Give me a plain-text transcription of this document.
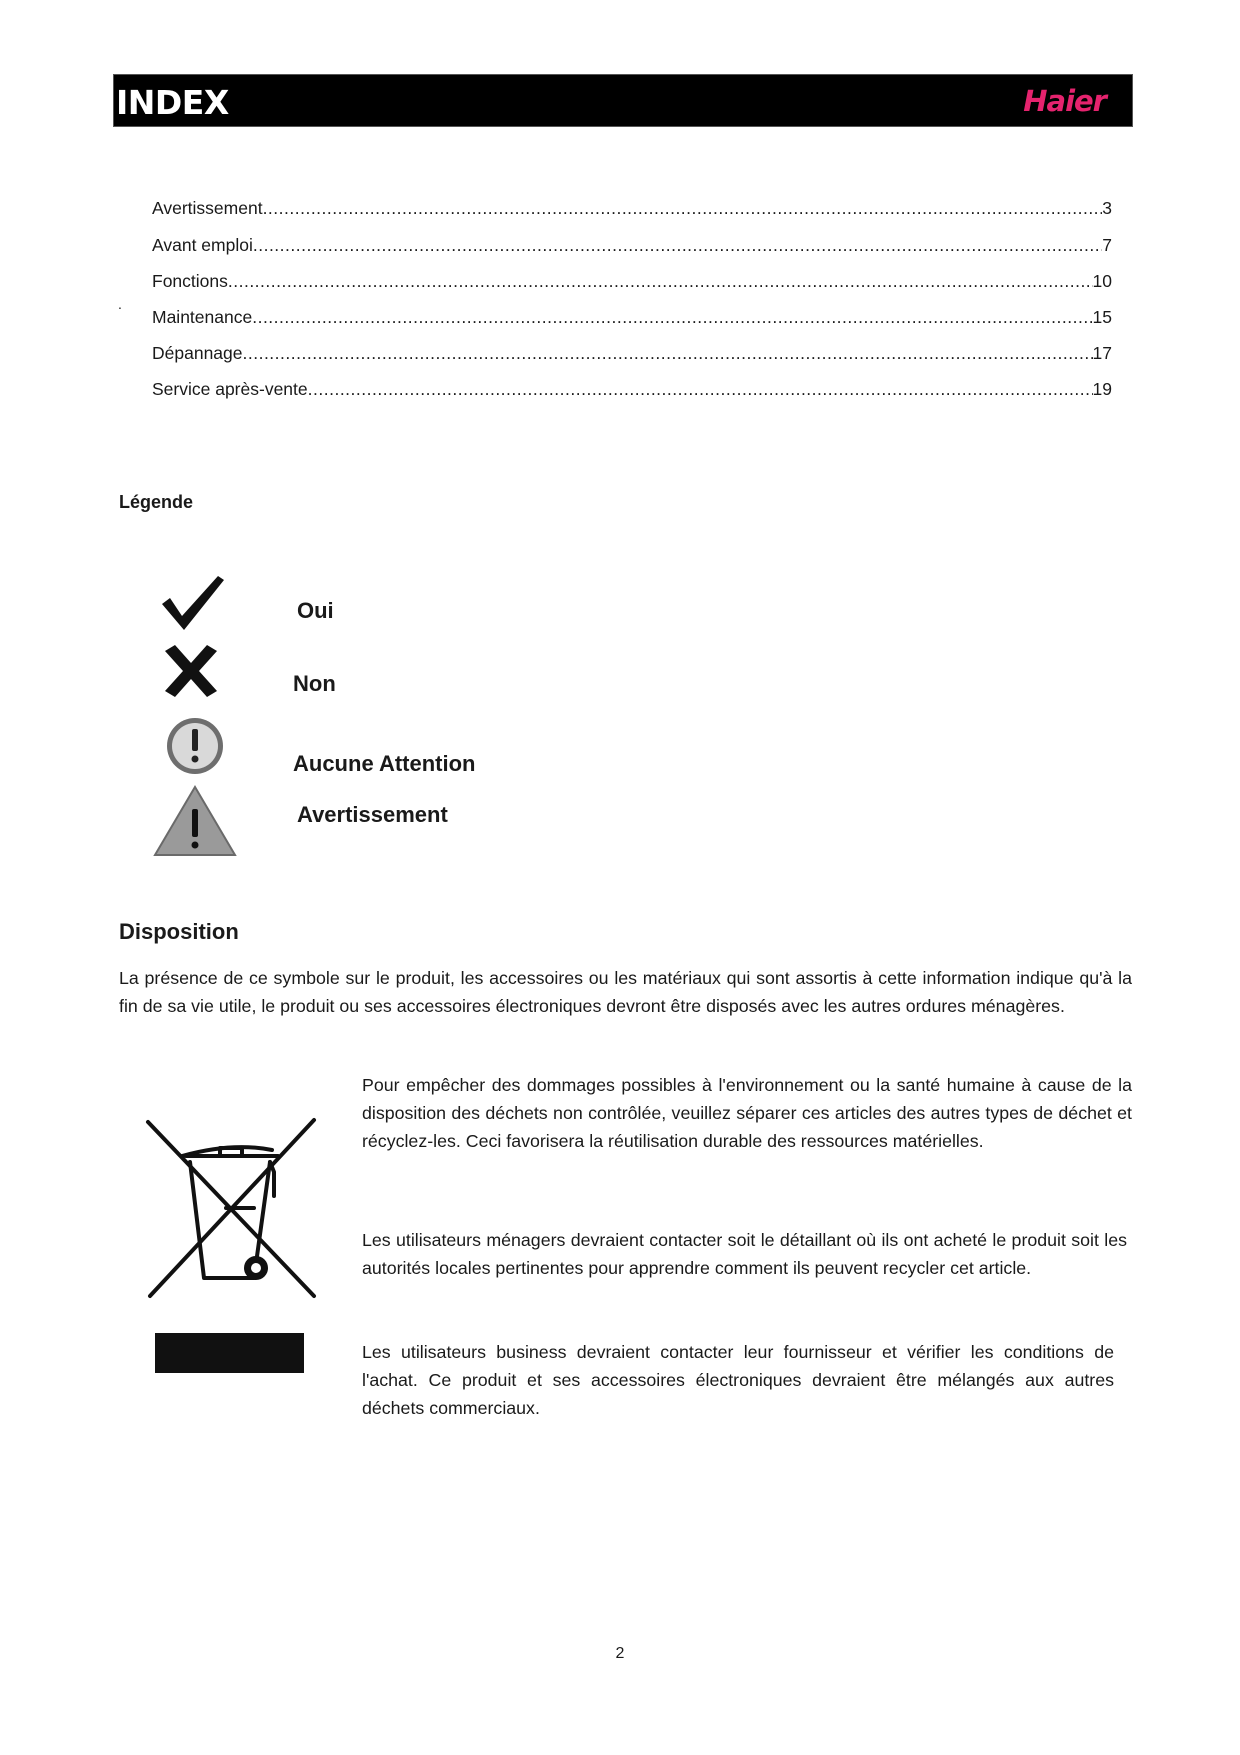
INDEX	Haier
Avertissement .....	3
Avant emploi .....	7
Fonctions .....	10
Maintenance .....	15
Dépannage .....	17
Service après-vente .....	19
.
Légende
Oui
Non
Aucune Attention
Avertissement
Disposition

La présence de ce symbole sur le produit, les accessoires ou les matériaux qui sont assortis à cette information indique qu'à la fin de sa vie utile, le produit ou ses accessoires électroniques devront être disposés avec les autres ordures ménagères.

Pour empêcher des dommages possibles à l'environnement ou la santé humaine à cause de la disposition des déchets non contrôlée, veuillez séparer ces articles des autres types de déchet et récyclez-les. Ceci favorisera la réutilisation durable des ressources matérielles.

Les utilisateurs ménagers devraient contacter soit le détaillant où ils ont acheté le produit soit les autorités locales pertinentes pour apprendre comment ils peuvent recycler cet article.

Les utilisateurs business devraient contacter leur fournisseur et vérifier les conditions de l'achat. Ce produit et ses accessoires électroniques devraient être mélangés aux autres déchets commerciaux.

2
